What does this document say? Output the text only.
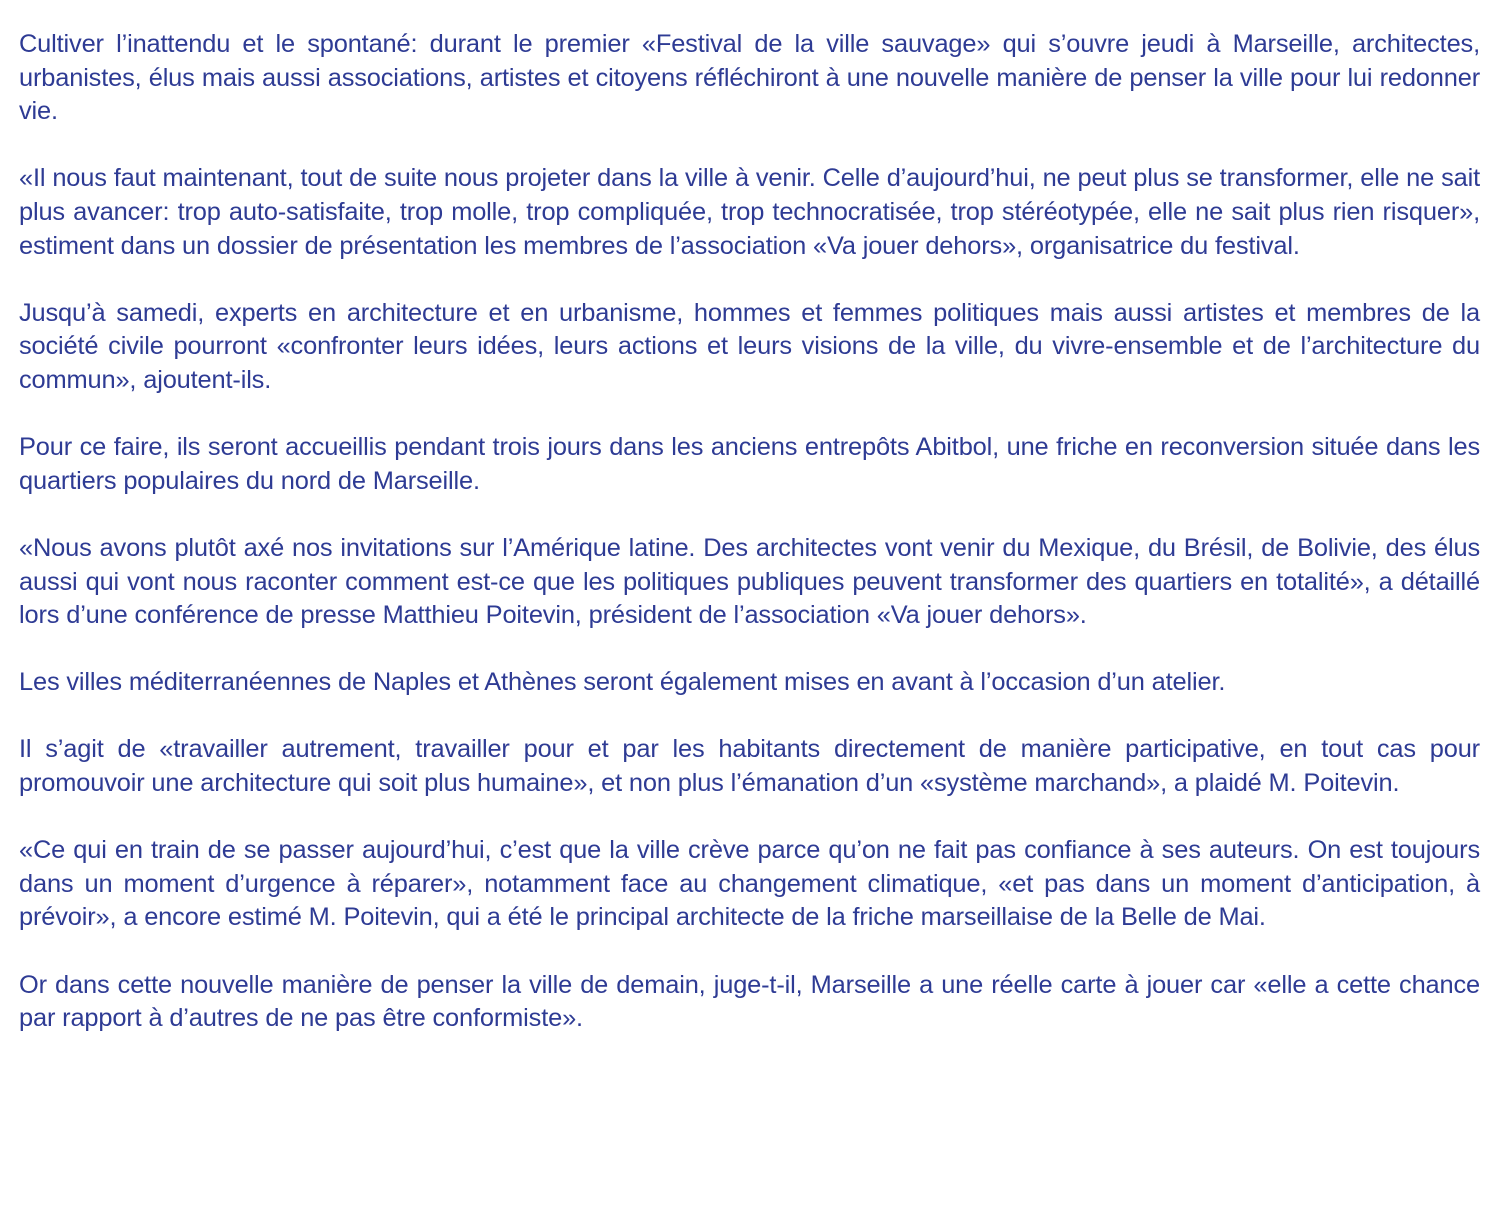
Cultiver l’inattendu et le spontané: durant le premier «Festival de la ville sauvage» qui s’ouvre jeudi à Marseille, architectes, urbanistes, élus mais aussi associations, artistes et citoyens réfléchiront à une nouvelle manière de penser la ville pour lui redonner vie.

«Il nous faut maintenant, tout de suite nous projeter dans la ville à venir. Celle d’aujourd’hui, ne peut plus se transformer, elle ne sait plus avancer: trop auto-satisfaite, trop molle, trop compliquée, trop technocratisée, trop stéréotypée, elle ne sait plus rien risquer», estiment dans un dossier de présentation les membres de l’association «Va jouer dehors», organisatrice du festival.

Jusqu’à samedi, experts en architecture et en urbanisme, hommes et femmes politiques mais aussi artistes et membres de la société civile pourront «confronter leurs idées, leurs actions et leurs visions de la ville, du vivre-ensemble et de l’architecture du commun», ajoutent-ils.

Pour ce faire, ils seront accueillis pendant trois jours dans les anciens entrepôts Abitbol, une friche en reconversion située dans les quartiers populaires du nord de Marseille.

«Nous avons plutôt axé nos invitations sur l’Amérique latine. Des architectes vont venir du Mexique, du Brésil, de Bolivie, des élus aussi qui vont nous raconter comment est-ce que les politiques publiques peuvent transformer des quartiers en totalité», a détaillé lors d’une conférence de presse Matthieu Poitevin, président de l’association «Va jouer dehors».

Les villes méditerranéennes de Naples et Athènes seront également mises en avant à l’occasion d’un atelier.

Il s’agit de «travailler autrement, travailler pour et par les habitants directement de manière participative, en tout cas pour promouvoir une architecture qui soit plus humaine», et non plus l’émanation d’un «système marchand», a plaidé M. Poitevin.

«Ce qui en train de se passer aujourd’hui, c’est que la ville crève parce qu’on ne fait pas confiance à ses auteurs. On est toujours dans un moment d’urgence à réparer», notamment face au changement climatique, «et pas dans un moment d’anticipation, à prévoir», a encore estimé M. Poitevin, qui a été le principal architecte de la friche marseillaise de la Belle de Mai.

Or dans cette nouvelle manière de penser la ville de demain, juge-t-il, Marseille a une réelle carte à jouer car «elle a cette chance par rapport à d’autres de ne pas être conformiste».
